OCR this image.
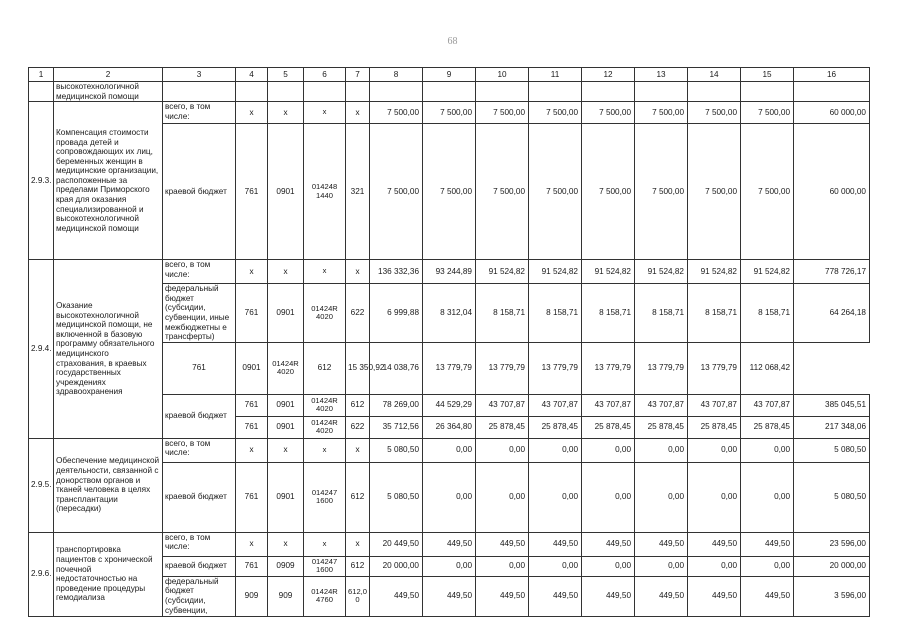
68
1	2	3	4	5	6	7	8	9	10	11	12	13	14	15	16
	высокотехнологичной медицинской помощи														
2.9.3.	Компенсация стоимости провада детей и сопровождающих их лиц, беременных женщин в медицинские организации, распопоженные за пределами Приморского края для оказания специализированной и высокотехнологичной медицинской помощи	всего, в том числе:	x	x	x	x	7 500,00	7 500,00	7 500,00	7 500,00	7 500,00	7 500,00	7 500,00	7 500,00	60 000,00
		краевой бюджет	761	0901	014248 1440	321	7 500,00	7 500,00	7 500,00	7 500,00	7 500,00	7 500,00	7 500,00	7 500,00	60 000,00
2.9.4.	Оказание высокотехнологичной медицинской помощи, не включенной в базовую программу обязательного медицинского страхования, в краевых государственных учреждениях здравоохранения	всего, в том числе:	x	x	x	x	136 332,36	93 244,89	91 524,82	91 524,82	91 524,82	91 524,82	91 524,82	91 524,82	778 726,17
		федеральный бюджет (субсидии, субвенции, иные межбюджетны е трансферты)	761	0901	01424R 4020	622	6 999,88	8 312,04	8 158,71	8 158,71	8 158,71	8 158,71	8 158,71	8 158,71	64 264,18
		761	0901	01424R 4020	612	15 350,92	14 038,76	13 779,79	13 779,79	13 779,79	13 779,79	13 779,79	13 779,79	112 068,42	
		краевой бюджет	761	0901	01424R 4020	612	78 269,00	44 529,29	43 707,87	43 707,87	43 707,87	43 707,87	43 707,87	43 707,87	385 045,51
			761	0901	01424R 4020	622	35 712,56	26 364,80	25 878,45	25 878,45	25 878,45	25 878,45	25 878,45	25 878,45	217 348,06
2.9.5.	Обеспечение медицинской деятельности, связанной с донорством органов и тканей человека в целях трансплантации (пересадки)	всего, в том числе:	x	x	x	x	5 080,50	0,00	0,00	0,00	0,00	0,00	0,00	0,00	5 080,50
		краевой бюджет	761	0901	014247 1600	612	5 080,50	0,00	0,00	0,00	0,00	0,00	0,00	0,00	5 080,50
2.9.6.	транспортировка пациентов с хронической почечной недостаточностью на проведение процедуры гемодиализа	всего, в том числе:	x	x	x	x	20 449,50	449,50	449,50	449,50	449,50	449,50	449,50	449,50	23 596,00
		краевой бюджет	761	0909	014247 1600	612	20 000,00	0,00	0,00	0,00	0,00	0,00	0,00	0,00	20 000,00
		федеральный бюджет (субсидии, субвенции,	909	909	01424R 4760	612,0 0	449,50	449,50	449,50	449,50	449,50	449,50	449,50	449,50	3 596,00
